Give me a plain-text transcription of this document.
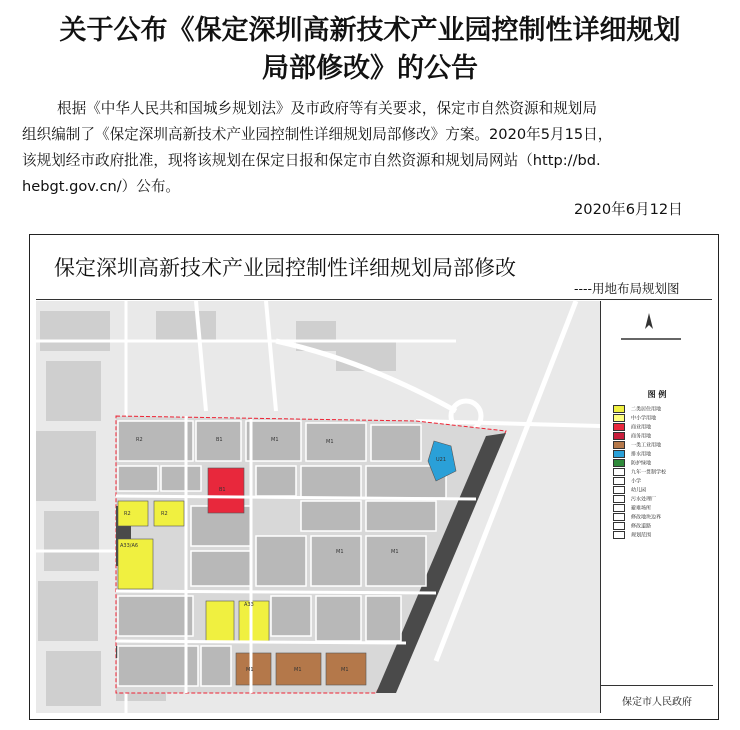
关于公布《保定深圳高新技术产业园控制性详细规划
局部修改》的公告
根据《中华人民共和国城乡规划法》及市政府等有关要求，保定市自然资源和规划局
组织编制了《保定深圳高新技术产业园控制性详细规划局部修改》方案。2020年5月15日，
该规划经市政府批准，现将该规划在保定日报和保定市自然资源和规划局网站（http://bd.
hebgt.gov.cn/）公布。
2020年6月12日
保定深圳高新技术产业园控制性详细规划局部修改
----用地布局规划图
R2	B1	M1	M1
R2	R2
A33/A6
B1
M1	M1
A33
M1	M1	M1
U21
图 例
二类居住用地
中小学用地
商业用地
商务用地
一类工业用地
排水用地
防护绿地
九年一贯制学校
小学
幼儿园
污水处理厂
避难场所
修改地块边界
修改道路
规划范围
保定市人民政府
